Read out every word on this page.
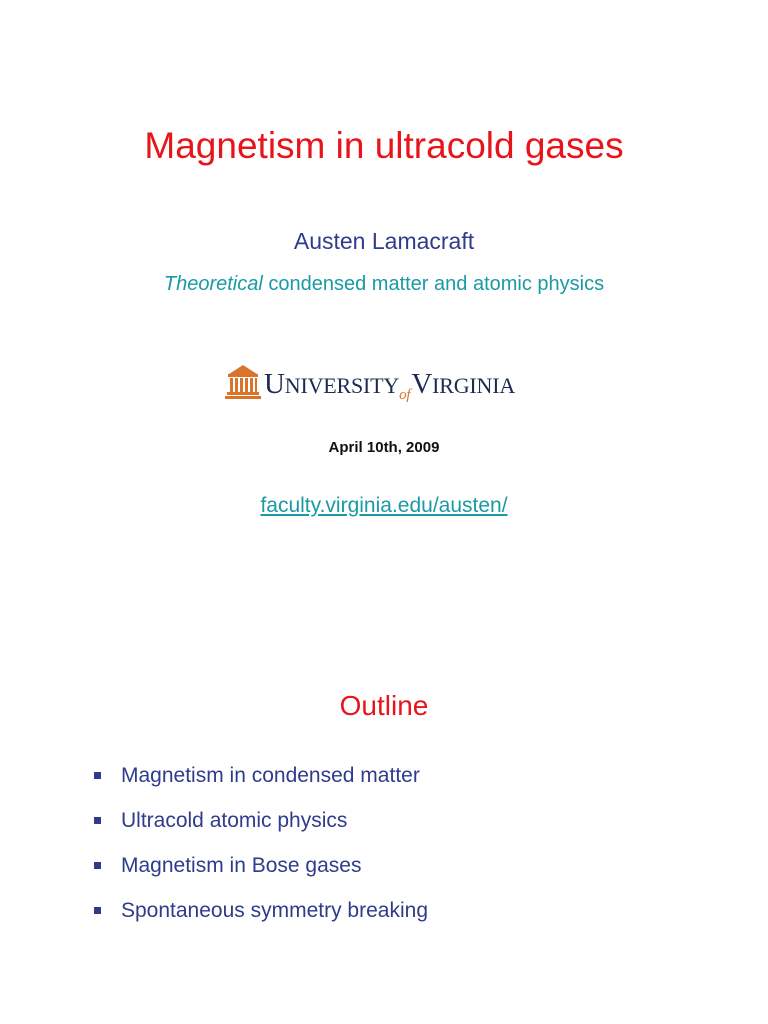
Magnetism in ultracold gases
Austen Lamacraft
Theoretical condensed matter and atomic physics
$UNIVERSITY_{of}VIRGINIA$
April 10th, 2009
faculty.virginia.edu/austen/
Outline
Magnetism in condensed matter
Ultracold atomic physics
Magnetism in Bose gases
Spontaneous symmetry breaking
